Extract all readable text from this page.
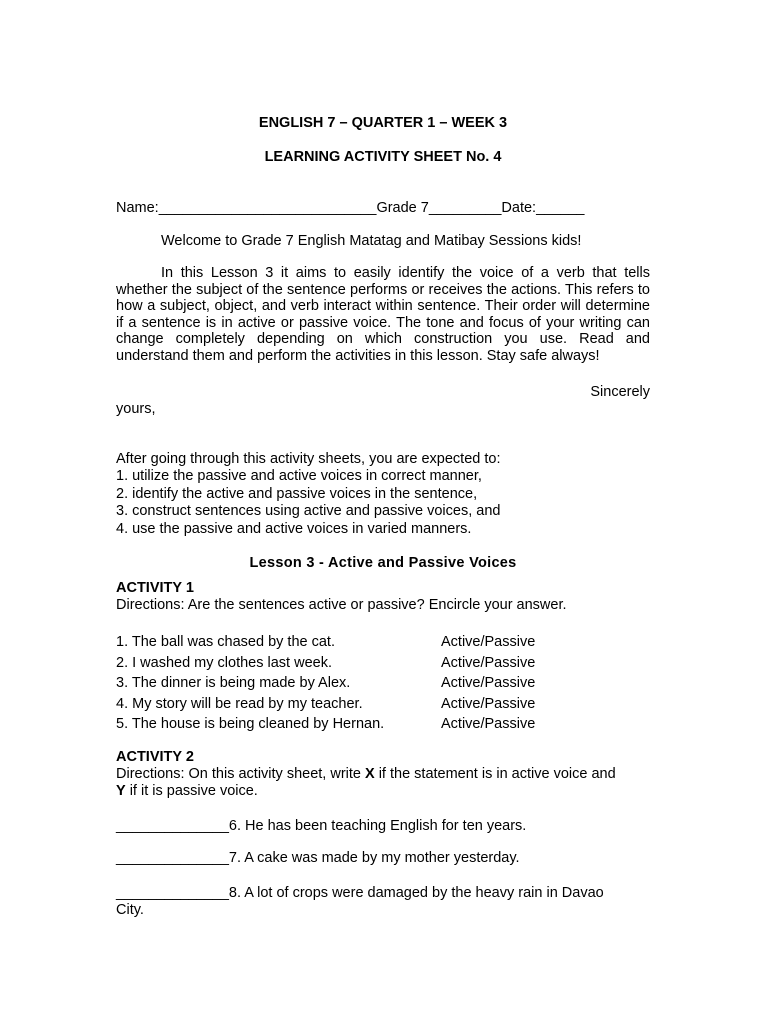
ENGLISH 7 – QUARTER 1 – WEEK 3
LEARNING ACTIVITY SHEET No. 4
Name:___________________________Grade 7_________Date:______
Welcome to Grade 7 English Matatag and Matibay Sessions kids!
In this Lesson 3 it aims to easily identify the voice of a verb that tells whether the subject of the sentence performs or receives the actions. This refers to how a subject, object, and verb interact within sentence. Their order will determine if a sentence is in active or passive voice. The tone and focus of your writing can change completely depending on which construction you use. Read and understand them and perform the activities in this lesson. Stay safe always!
Sincerely
yours,
After going through this activity sheets, you are expected to:
1. utilize the passive and active voices in correct manner,
2. identify the active and passive voices in the sentence,
3. construct sentences using active and passive voices, and
4. use the passive and active voices in varied manners.
Lesson 3 - Active and Passive Voices
ACTIVITY 1
Directions: Are the sentences active or passive? Encircle your answer.
1. The ball was chased by the cat.	Active/Passive
2. I washed my clothes last week.	Active/Passive
3. The dinner is being made by Alex.	Active/Passive
4. My story will be read by my teacher.	Active/Passive
5. The house is being cleaned by Hernan.	Active/Passive
ACTIVITY 2
Directions: On this activity sheet, write X if the statement is in active voice and
Y if it is passive voice.
______________6. He has been teaching English for ten years.
______________7. A cake was made by my mother yesterday.
______________8. A lot of crops were damaged by the heavy rain in Davao
City.
